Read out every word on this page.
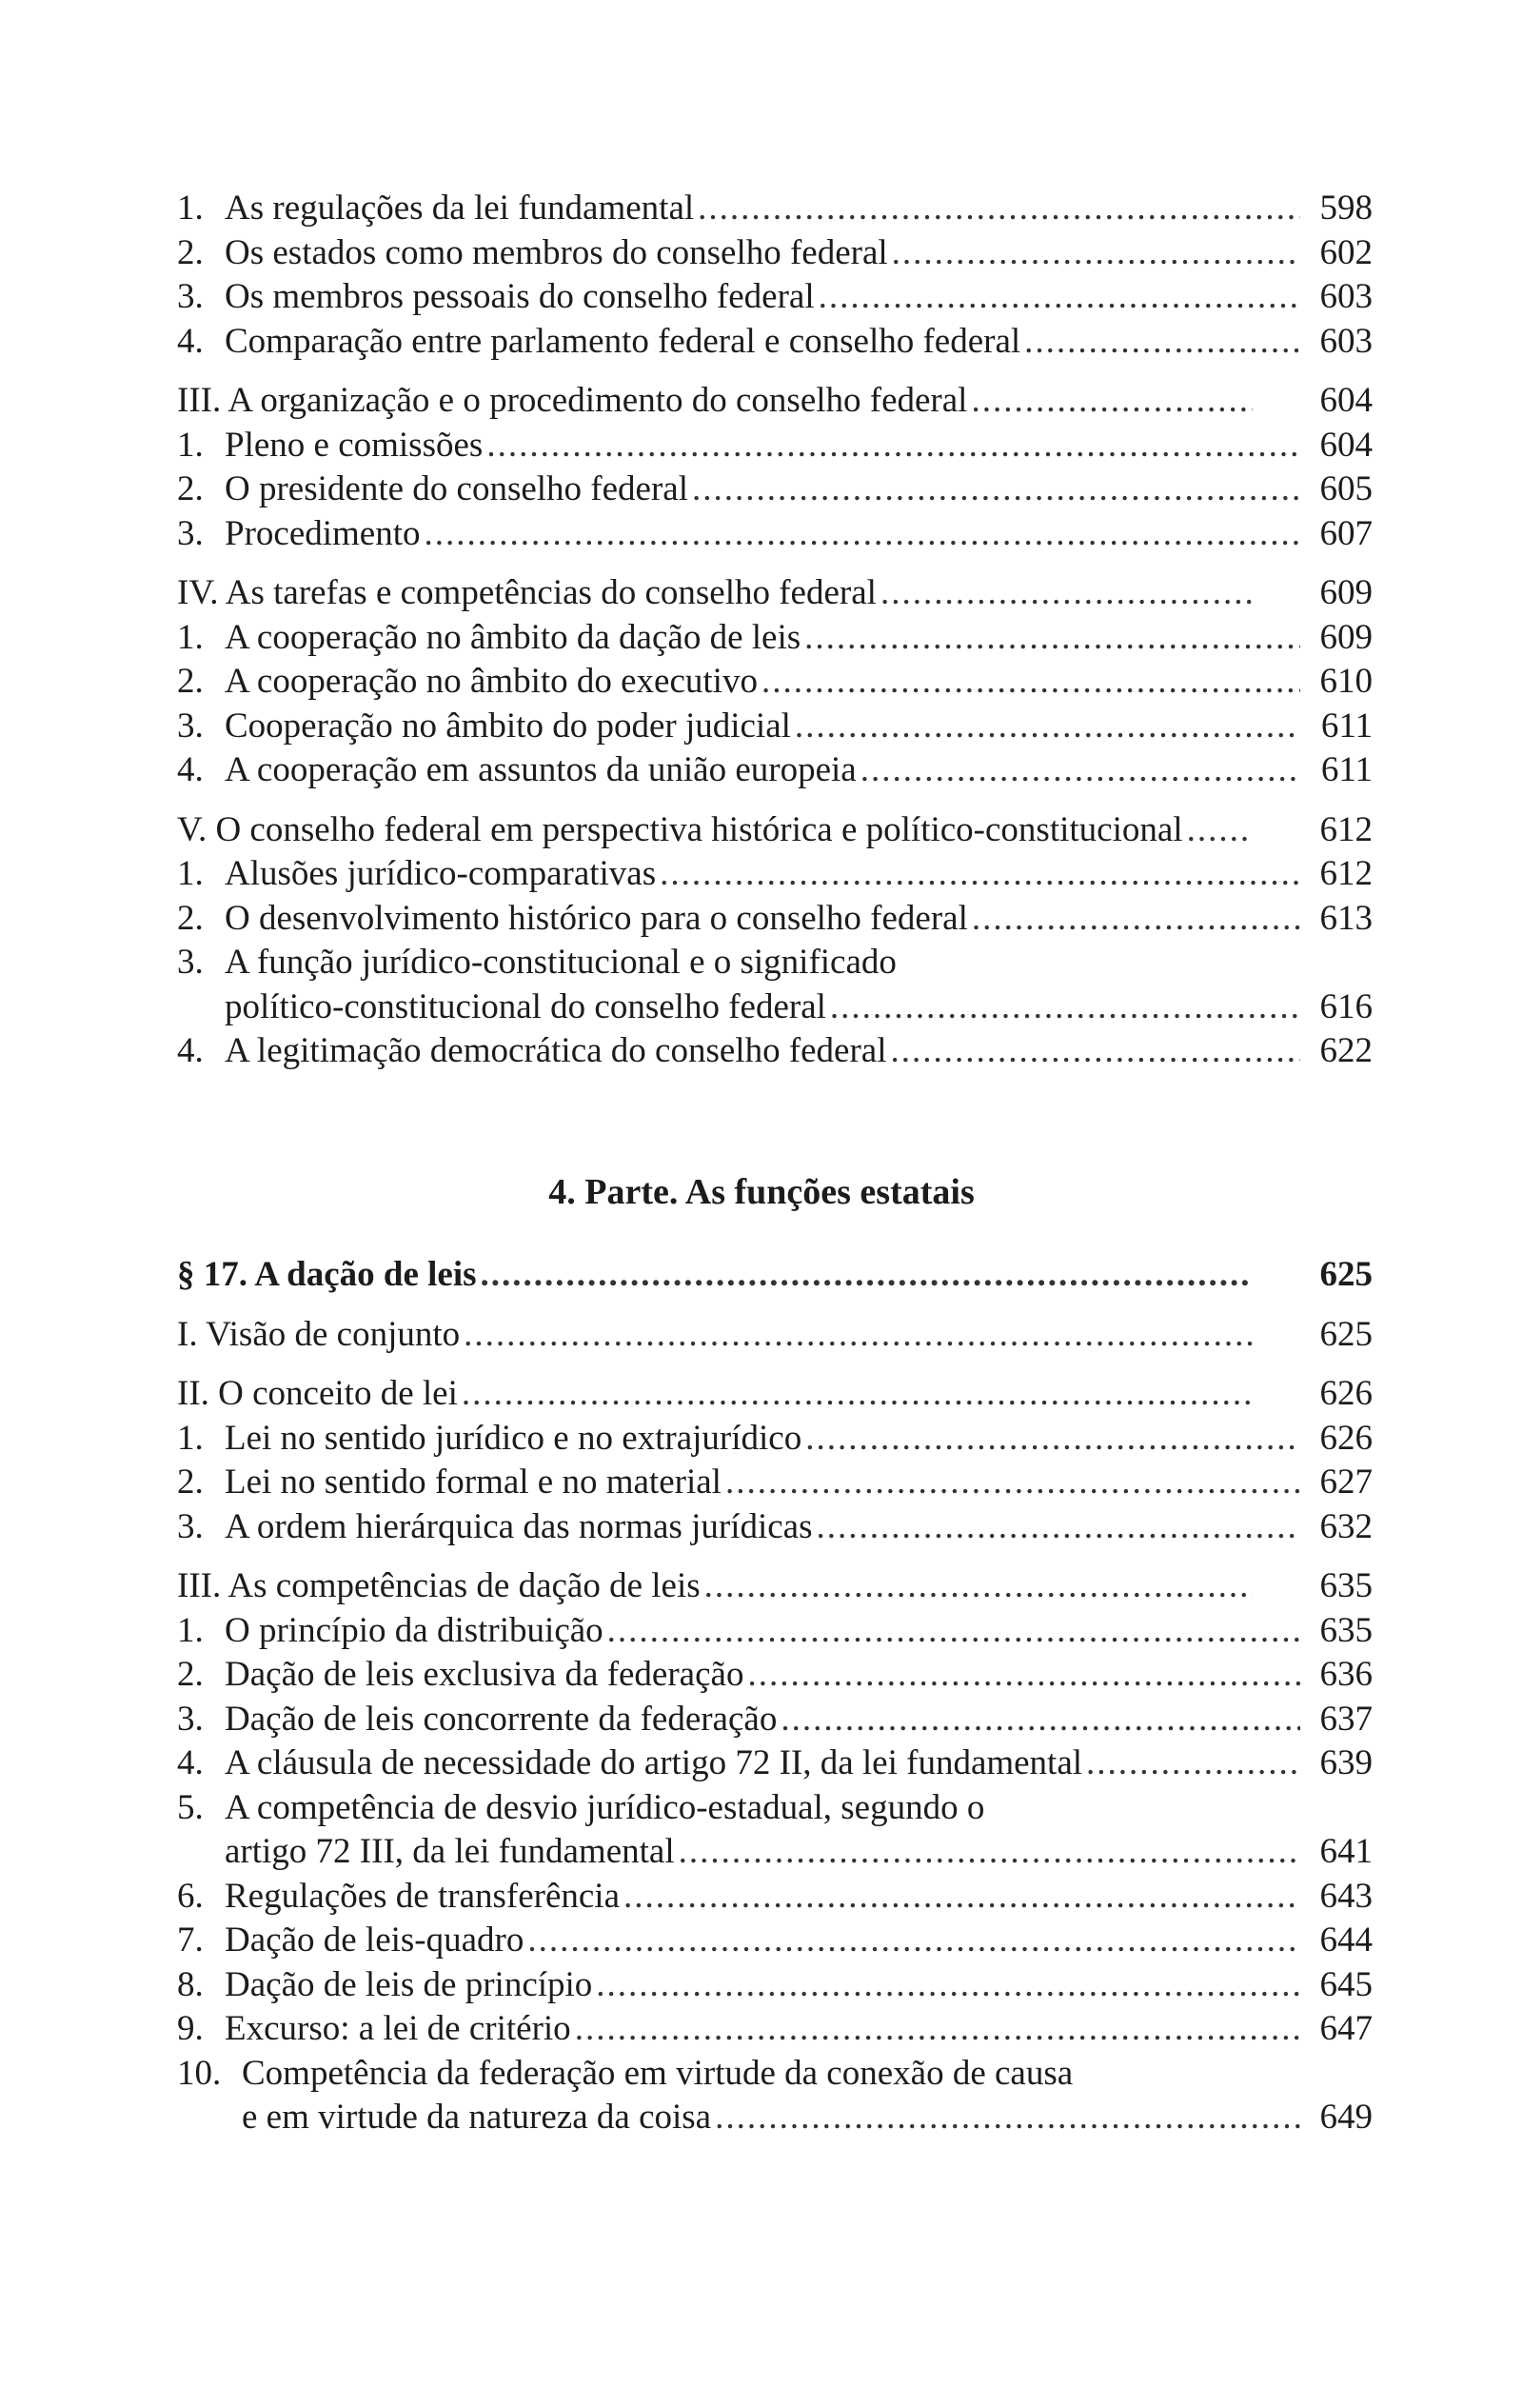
1. As regulações da lei fundamental .....	598
2. Os estados como membros do conselho federal .....	602
3. Os membros pessoais do conselho federal .....	603
4. Comparação entre parlamento federal e conselho federal .....	603
III. A organização e o procedimento do conselho federal .....	604
1. Pleno e comissões .....	604
2. O presidente do conselho federal .....	605
3. Procedimento .....	607
IV. As tarefas e competências do conselho federal .....	609
1. A cooperação no âmbito da dação de leis .....	609
2. A cooperação no âmbito do executivo .....	610
3. Cooperação no âmbito do poder judicial .....	611
4. A cooperação em assuntos da união europeia .....	611
V. O conselho federal em perspectiva histórica e político-constitucional .....	612
1. Alusões jurídico-comparativas .....	612
2. O desenvolvimento histórico para o conselho federal .....	613
3. A função jurídico-constitucional e o significado
político-constitucional do conselho federal .....	616
4. A legitimação democrática do conselho federal .....	622
4. Parte. As funções estatais
§ 17. A dação de leis .....	625
I. Visão de conjunto .....	625
II. O conceito de lei .....	626
1. Lei no sentido jurídico e no extrajurídico .....	626
2. Lei no sentido formal e no material .....	627
3. A ordem hierárquica das normas jurídicas .....	632
III. As competências de dação de leis .....	635
1. O princípio da distribuição .....	635
2. Dação de leis exclusiva da federação .....	636
3. Dação de leis concorrente da federação .....	637
4. A cláusula de necessidade do artigo 72 II, da lei fundamental .....	639
5. A competência de desvio jurídico-estadual, segundo o
artigo 72 III, da lei fundamental .....	641
6. Regulações de transferência .....	643
7. Dação de leis-quadro .....	644
8. Dação de leis de princípio .....	645
9. Excurso: a lei de critério .....	647
10. Competência da federação em virtude da conexão de causa
e em virtude da natureza da coisa .....	649
